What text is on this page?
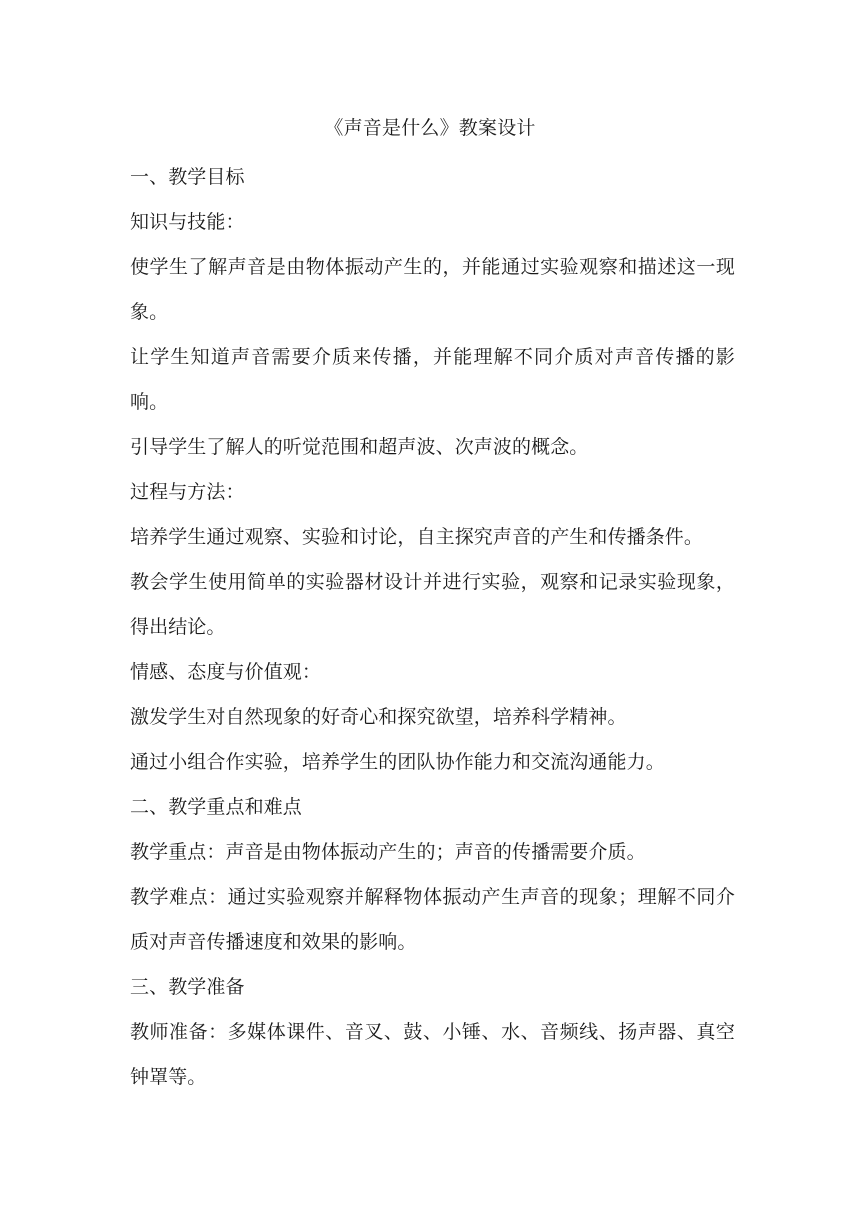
《声音是什么》教案设计

一、教学目标

知识与技能：

使学生了解声音是由物体振动产生的，并能通过实验观察和描述这一现象。

让学生知道声音需要介质来传播，并能理解不同介质对声音传播的影响。

引导学生了解人的听觉范围和超声波、次声波的概念。

过程与方法：

培养学生通过观察、实验和讨论，自主探究声音的产生和传播条件。

教会学生使用简单的实验器材设计并进行实验，观察和记录实验现象，得出结论。

情感、态度与价值观：

激发学生对自然现象的好奇心和探究欲望，培养科学精神。

通过小组合作实验，培养学生的团队协作能力和交流沟通能力。

二、教学重点和难点

教学重点：声音是由物体振动产生的；声音的传播需要介质。

教学难点：通过实验观察并解释物体振动产生声音的现象；理解不同介质对声音传播速度和效果的影响。

三、教学准备

教师准备：多媒体课件、音叉、鼓、小锤、水、音频线、扬声器、真空钟罩等。
